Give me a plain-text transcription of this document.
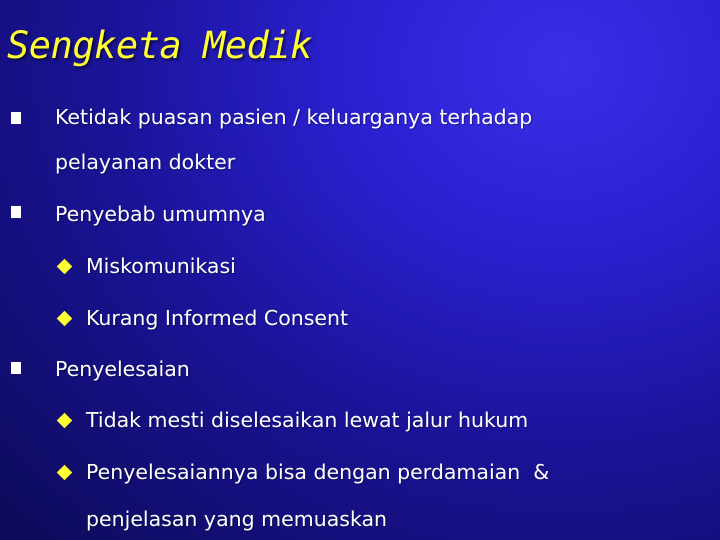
Sengketa Medik
Ketidak puasan pasien / keluarganya terhadap
pelayanan dokter
Penyebab umumnya
Miskomunikasi
Kurang Informed Consent
Penyelesaian
Tidak mesti diselesaikan lewat jalur hukum
Penyelesaiannya bisa dengan perdamaian  &
penjelasan yang memuaskan
